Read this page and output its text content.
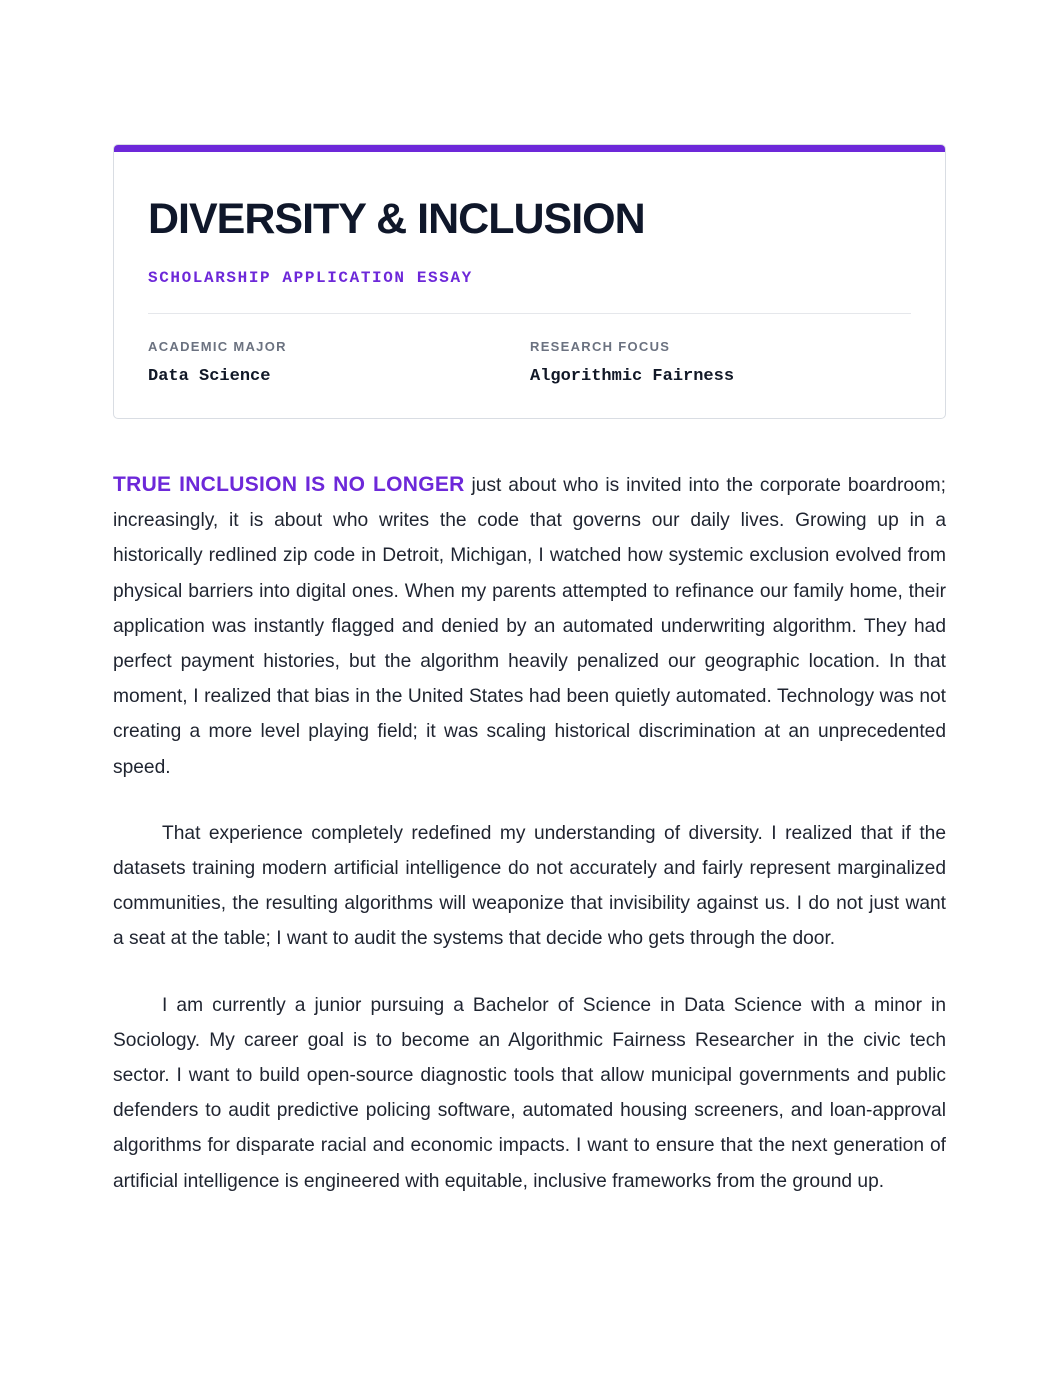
DIVERSITY & INCLUSION
SCHOLARSHIP APPLICATION ESSAY
ACADEMIC MAJOR
Data Science
RESEARCH FOCUS
Algorithmic Fairness

TRUE INCLUSION IS NO LONGER just about who is invited into the corporate boardroom; increasingly, it is about who writes the code that governs our daily lives. Growing up in a historically redlined zip code in Detroit, Michigan, I watched how systemic exclusion evolved from physical barriers into digital ones. When my parents attempted to refinance our family home, their application was instantly flagged and denied by an automated underwriting algorithm. They had perfect payment histories, but the algorithm heavily penalized our geographic location. In that moment, I realized that bias in the United States had been quietly automated. Technology was not creating a more level playing field; it was scaling historical discrimination at an unprecedented speed.

That experience completely redefined my understanding of diversity. I realized that if the datasets training modern artificial intelligence do not accurately and fairly represent marginalized communities, the resulting algorithms will weaponize that invisibility against us. I do not just want a seat at the table; I want to audit the systems that decide who gets through the door.

I am currently a junior pursuing a Bachelor of Science in Data Science with a minor in Sociology. My career goal is to become an Algorithmic Fairness Researcher in the civic tech sector. I want to build open-source diagnostic tools that allow municipal governments and public defenders to audit predictive policing software, automated housing screeners, and loan-approval algorithms for disparate racial and economic impacts. I want to ensure that the next generation of artificial intelligence is engineered with equitable, inclusive frameworks from the ground up.
